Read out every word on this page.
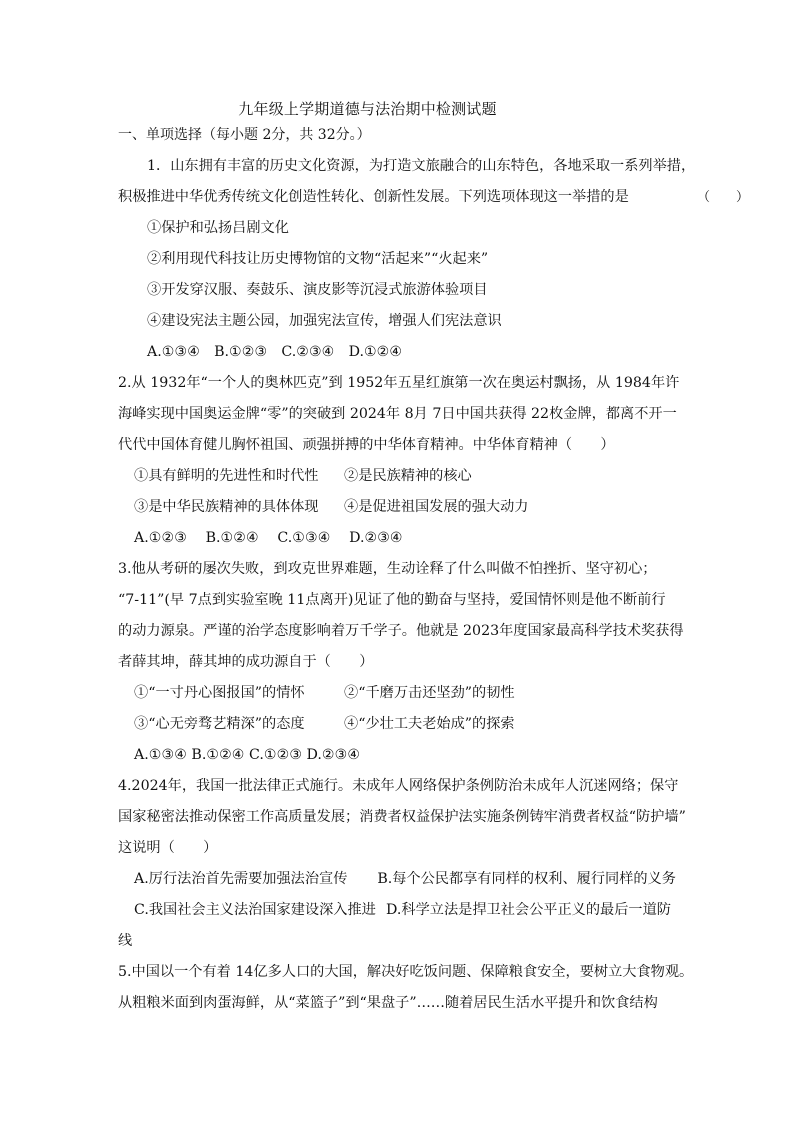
九年级上学期道德与法治期中检测试题
一、单项选择（每小题 2分，共 32分。）
1．山东拥有丰富的历史文化资源，为打造文旅融合的山东特色，各地采取一系列举措，
积极推进中华优秀传统文化创造性转化、创新性发展。下列选项体现这一举措的是	（　　）
①保护和弘扬吕剧文化
②利用现代科技让历史博物馆的文物“活起来”“火起来”
③开发穿汉服、奏鼓乐、演皮影等沉浸式旅游体验项目
④建设宪法主题公园，加强宪法宣传，增强人们宪法意识
A.①③④　B.①②③　C.②③④　D.①②④
2.从 1932年“一个人的奥林匹克”到 1952年五星红旗第一次在奥运村飘扬，从 1984年许
海峰实现中国奥运金牌“零”的突破到 2024年 8月 7日中国共获得 22枚金牌，都离不开一
代代中国体育健儿胸怀祖国、顽强拼搏的中华体育精神。中华体育精神（　　）
①具有鲜明的先进性和时代性	②是民族精神的核心
③是中华民族精神的具体体现	④是促进祖国发展的强大动力
A.①②③　 B.①②④　 C.①③④　 D.②③④
3.他从考研的屡次失败，到攻克世界难题，生动诠释了什么叫做不怕挫折、坚守初心；
“7-11”(早 7点到实验室晚 11点离开)见证了他的勤奋与坚持，爱国情怀则是他不断前行
的动力源泉。严谨的治学态度影响着万千学子。他就是 2023年度国家最高科学技术奖获得
者薛其坤，薛其坤的成功源自于（　　）
①“一寸丹心图报国”的情怀	②“千磨万击还坚劲”的韧性
③“心无旁骛艺精深”的态度	④“少壮工夫老始成”的探索
A.①③④ B.①②④ C.①②③ D.②③④
4.2024年，我国一批法律正式施行。未成年人网络保护条例防治未成年人沉迷网络；保守
国家秘密法推动保密工作高质量发展；消费者权益保护法实施条例铸牢消费者权益“防护墙”
这说明（　　）
A.厉行法治首先需要加强法治宣传	B.每个公民都享有同样的权利、履行同样的义务
C.我国社会主义法治国家建设深入推进 D.科学立法是捍卫社会公平正义的最后一道防
线
5.中国以一个有着 14亿多人口的大国，解决好吃饭问题、保障粮食安全，要树立大食物观。
从粗粮米面到肉蛋海鲜，从“菜篮子”到“果盘子”……随着居民生活水平提升和饮食结构
